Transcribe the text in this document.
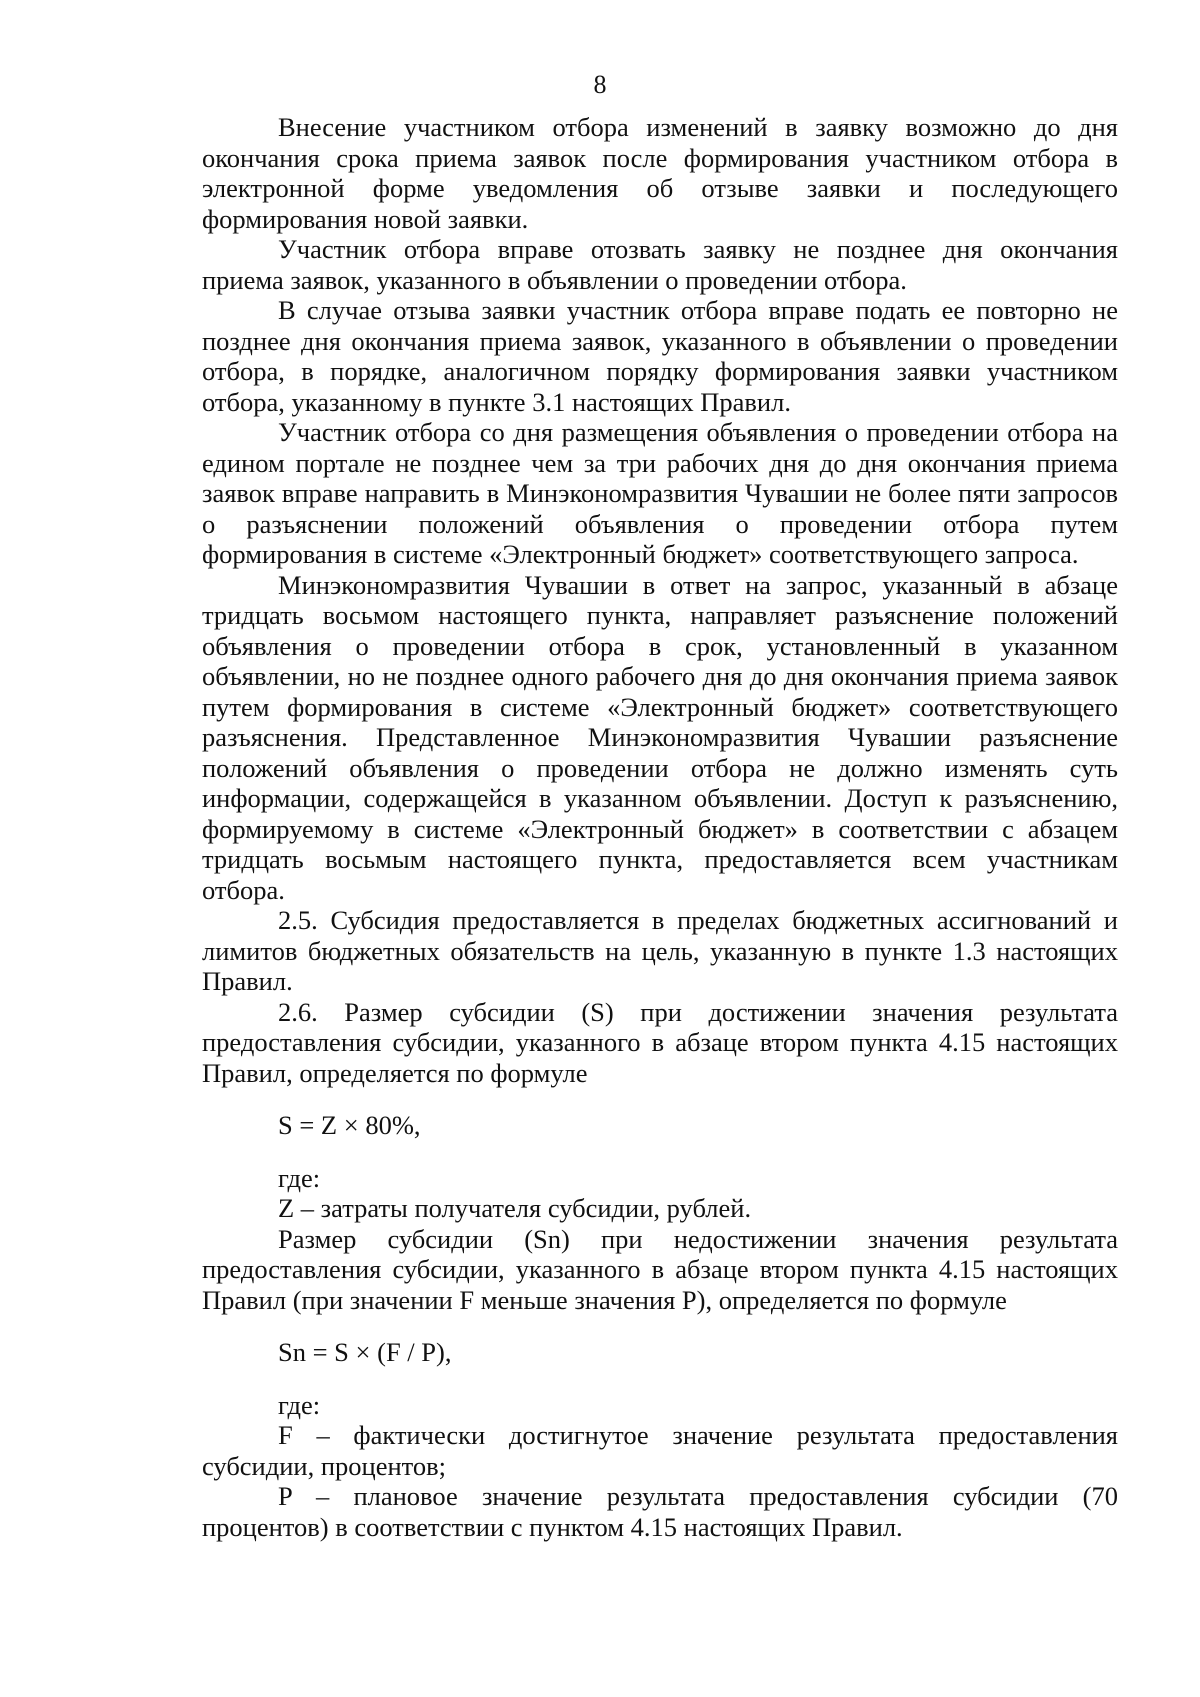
8

Внесение участником отбора изменений в заявку возможно до дня окончания срока приема заявок после формирования участником отбора в электронной форме уведомления об отзыве заявки и последующего формирования новой заявки.

Участник отбора вправе отозвать заявку не позднее дня окончания приема заявок, указанного в объявлении о проведении отбора.

В случае отзыва заявки участник отбора вправе подать ее повторно не позднее дня окончания приема заявок, указанного в объявлении о проведении отбора, в порядке, аналогичном порядку формирования заявки участником отбора, указанному в пункте 3.1 настоящих Правил.

Участник отбора со дня размещения объявления о проведении отбора на едином портале не позднее чем за три рабочих дня до дня окончания приема заявок вправе направить в Минэкономразвития Чувашии не более пяти запросов о разъяснении положений объявления о проведении отбора путем формирования в системе «Электронный бюджет» соответствующего запроса.

Минэкономразвития Чувашии в ответ на запрос, указанный в абзаце тридцать восьмом настоящего пункта, направляет разъяснение положений объявления о проведении отбора в срок, установленный в указанном объявлении, но не позднее одного рабочего дня до дня окончания приема заявок путем формирования в системе «Электронный бюджет» соответствующего разъяснения. Представленное Минэкономразвития Чувашии разъяснение положений объявления о проведении отбора не должно изменять суть информации, содержащейся в указанном объявлении. Доступ к разъяснению, формируемому в системе «Электронный бюджет» в соответствии с абзацем тридцать восьмым настоящего пункта, предоставляется всем участникам отбора.

2.5. Субсидия предоставляется в пределах бюджетных ассигнований и лимитов бюджетных обязательств на цель, указанную в пункте 1.3 настоящих Правил.

2.6. Размер субсидии (S) при достижении значения результата предоставления субсидии, указанного в абзаце втором пункта 4.15 настоящих Правил, определяется по формуле

S = Z × 80%,

где:

Z – затраты получателя субсидии, рублей.

Размер субсидии (Sn) при недостижении значения результата предоставления субсидии, указанного в абзаце втором пункта 4.15 настоящих Правил (при значении F меньше значения P), определяется по формуле

Sn = S × (F / P),

где:

F – фактически достигнутое значение результата предоставления субсидии, процентов;

P – плановое значение результата предоставления субсидии (70 процентов) в соответствии с пунктом 4.15 настоящих Правил.
